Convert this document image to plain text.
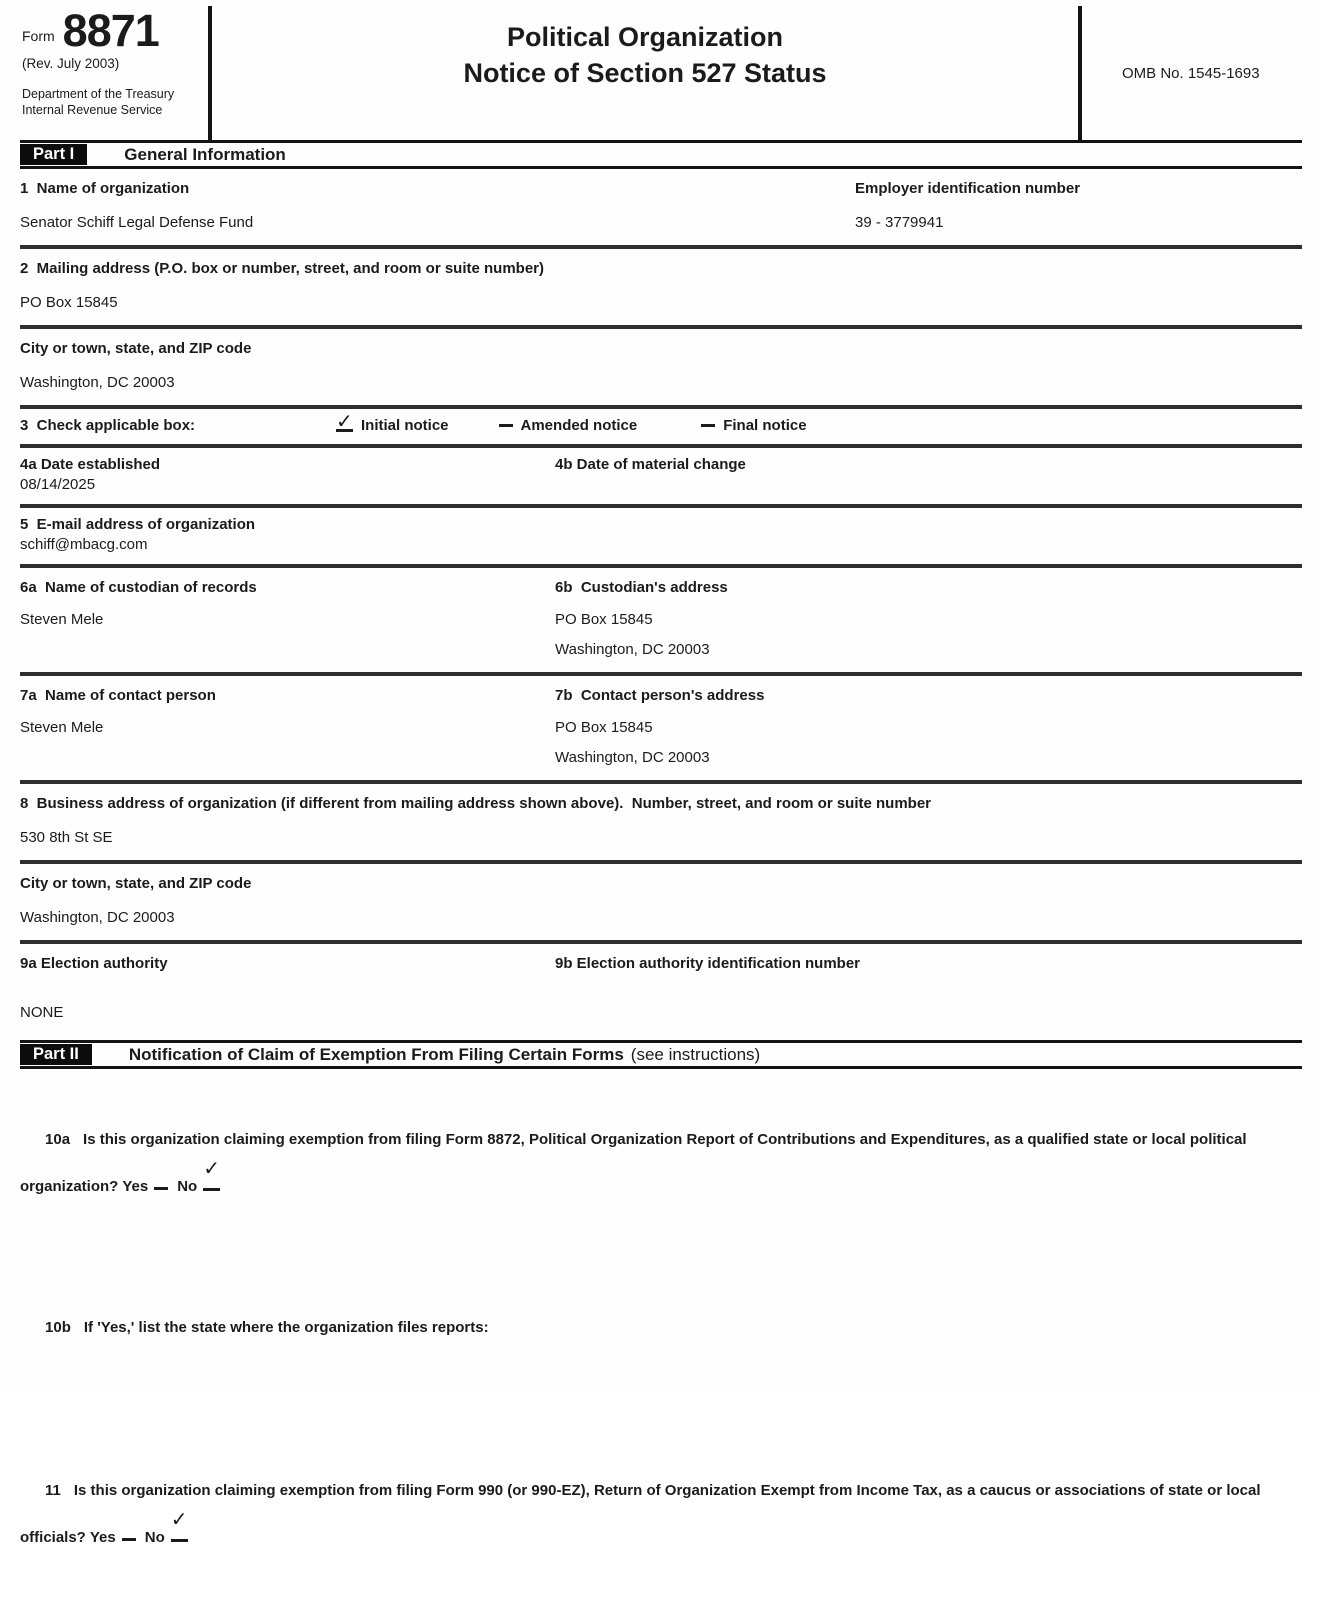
Form 8871
(Rev. July 2003)
Department of the Treasury
Internal Revenue Service
Political Organization
Notice of Section 527 Status	OMB No. 1545-1693
Part I	General Information
1  Name of organization
Senator Schiff Legal Defense Fund
Employer identification number
39 - 3779941
2  Mailing address (P.O. box or number, street, and room or suite number)
PO Box 15845
City or town, state, and ZIP code
Washington, DC 20003
3  Check applicable box: ✓	Initial notice	Amended notice	Final notice
4a Date established
08/14/2025
4b Date of material change
5  E-mail address of organization
schiff@mbacg.com
6a  Name of custodian of records
Steven Mele
6b  Custodian's address
PO Box 15845
Washington, DC 20003
7a  Name of contact person
Steven Mele
7b  Contact person's address
PO Box 15845
Washington, DC 20003
8  Business address of organization (if different from mailing address shown above).  Number, street, and room or suite number
530 8th St SE
City or town, state, and ZIP code
Washington, DC 20003
9a Election authority
NONE
9b Election authority identification number
Part II	Notification of Claim of Exemption From Filing Certain Forms (see instructions)

10a Is this organization claiming exemption from filing Form 8872, Political Organization Report of Contributions and Expenditures, as a qualified state or local political organization? Yes No ✓

10b If 'Yes,' list the state where the organization files reports:

11 Is this organization claiming exemption from filing Form 990 (or 990-EZ), Return of Organization Exempt from Income Tax, as a caucus or associations of state or local officials? Yes No ✓
